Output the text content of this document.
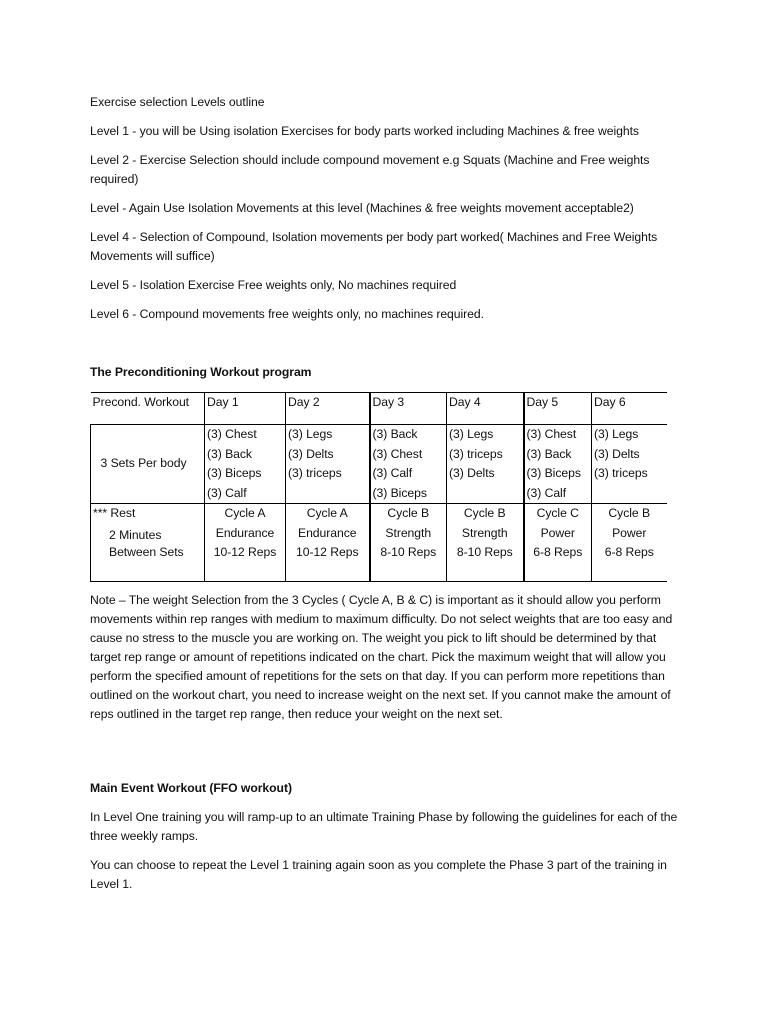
Exercise selection Levels outline

Level 1 - you will be Using isolation Exercises for body parts worked including Machines & free weights

Level 2 - Exercise Selection should include compound movement e.g Squats (Machine and Free weights required)

Level - Again Use Isolation Movements at this level (Machines & free weights movement acceptable2)

Level 4 - Selection of Compound, Isolation movements per body part worked( Machines and Free Weights Movements will suffice)

Level 5 - Isolation Exercise Free weights only, No machines required

Level 6 - Compound movements free weights only, no machines required.

The Preconditioning Workout program

Precond. Workout	Day 1	Day 2	Day 3	Day 4	Day 5	Day 6

3 Sets Per body	(3) Chest
(3) Back
(3) Biceps
(3) Calf	(3) Legs
(3) Delts
(3) triceps	(3) Back
(3) Chest
(3) Calf
(3) Biceps	(3) Legs
(3) triceps
(3) Delts	(3) Chest
(3) Back
(3) Biceps
(3) Calf	(3) Legs
(3) Delts
(3) triceps

*** Rest
2 Minutes
Between Sets	Cycle A
Endurance
10-12 Reps	Cycle A
Endurance
10-12 Reps	Cycle B
Strength
8-10 Reps	Cycle B
Strength
8-10 Reps	Cycle C
Power
6-8 Reps	Cycle B
Power
6-8 Reps

Note – The weight Selection from the 3 Cycles ( Cycle A, B & C) is important as it should allow you perform movements within rep ranges with medium to maximum difficulty. Do not select weights that are too easy and cause no stress to the muscle you are working on. The weight you pick to lift should be determined by that target rep range or amount of repetitions indicated on the chart. Pick the maximum weight that will allow you perform the specified amount of repetitions for the sets on that day. If you can perform more repetitions than outlined on the workout chart, you need to increase weight on the next set. If you cannot make the amount of reps outlined in the target rep range, then reduce your weight on the next set.

Main Event Workout (FFO workout)

In Level One training you will ramp-up to an ultimate Training Phase by following the guidelines for each of the three weekly ramps.

You can choose to repeat the Level 1 training again soon as you complete the Phase 3 part of the training in Level 1.
